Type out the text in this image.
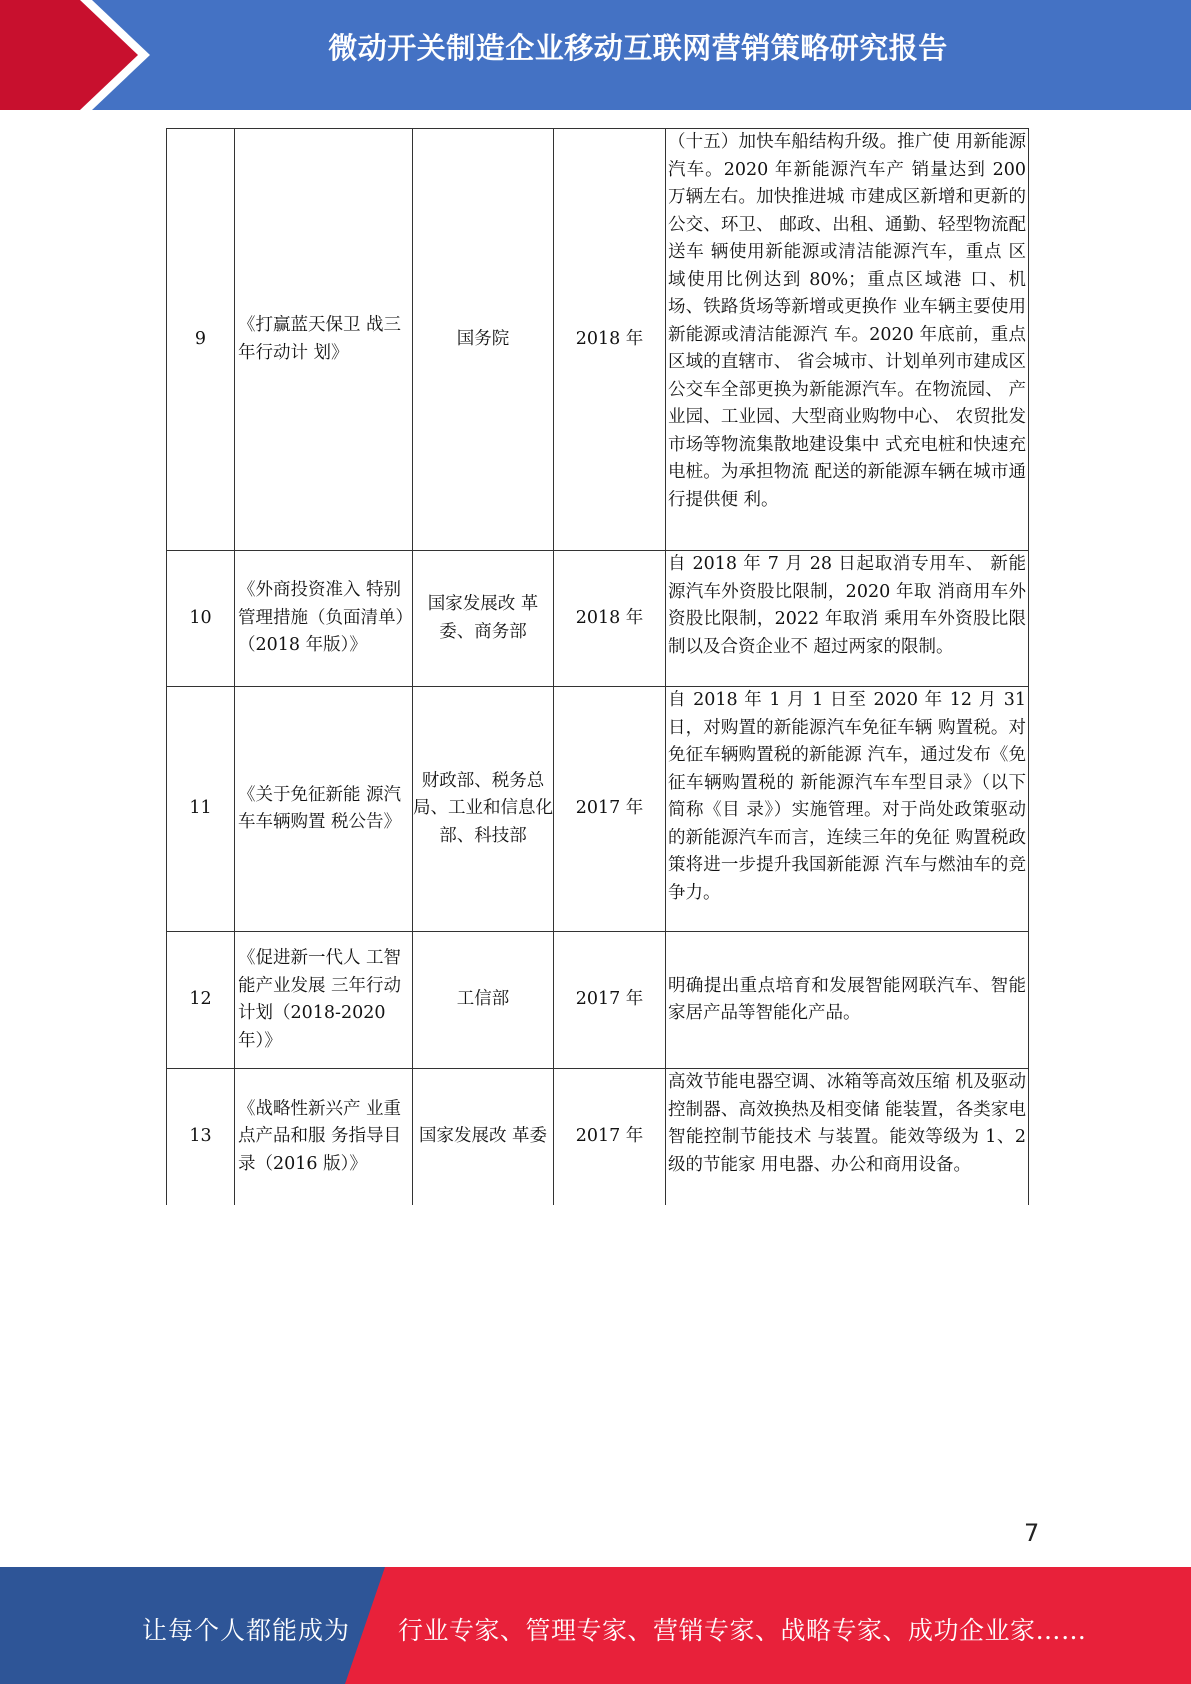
微动开关制造企业移动互联网营销策略研究报告
9	《打赢蓝天保卫 战三年行动计 划》	国务院	2018 年	（十五）加快车船结构升级。推广使 用新能源汽车。2020 年新能源汽车产 销量达到 200 万辆左右。加快推进城 市建成区新增和更新的公交、环卫、 邮政、出租、通勤、轻型物流配送车 辆使用新能源或清洁能源汽车，重点 区域使用比例达到 80%；重点区域港 口、机场、铁路货场等新增或更换作 业车辆主要使用新能源或清洁能源汽 车。2020 年底前，重点区域的直辖市、 省会城市、计划单列市建成区公交车全部更换为新能源汽车。在物流园、 产业园、工业园、大型商业购物中心、 农贸批发市场等物流集散地建设集中 式充电桩和快速充电桩。为承担物流 配送的新能源车辆在城市通行提供便 利。

10	《外商投资准入 特别管理措施（负面清单）（2018 年版）》	国家发展改 革委、商务部	2018 年	自 2018 年 7 月 28 日起取消专用车、 新能源汽车外资股比限制，2020 年取 消商用车外资股比限制，2022 年取消 乘用车外资股比限制以及合资企业不 超过两家的限制。

11	《关于免征新能 源汽车车辆购置 税公告》	财政部、税务总局、工业和信息化部、科技部	2017 年	自 2018 年 1 月 1 日至 2020 年 12 月 31 日，对购置的新能源汽车免征车辆 购置税。对免征车辆购置税的新能源 汽车，通过发布《免征车辆购置税的 新能源汽车车型目录》（以下简称《目 录》）实施管理。对于尚处政策驱动 的新能源汽车而言，连续三年的免征 购置税政策将进一步提升我国新能源 汽车与燃油车的竞争力。

12	《促进新一代人 工智能产业发展 三年行动计划（2018-2020 年）》	工信部	2017 年	明确提出重点培育和发展智能网联汽车、智能家居产品等智能化产品。

13	《战略性新兴产 业重点产品和服 务指导目录（2016 版）》	国家发展改 革委	2017 年	高效节能电器空调、冰箱等高效压缩 机及驱动控制器、高效换热及相变储 能装置，各类家电智能控制节能技术 与装置。能效等级为 1、2 级的节能家 用电器、办公和商用设备。
7
让每个人都能成为 行业专家、管理专家、营销专家、战略专家、成功企业家……
